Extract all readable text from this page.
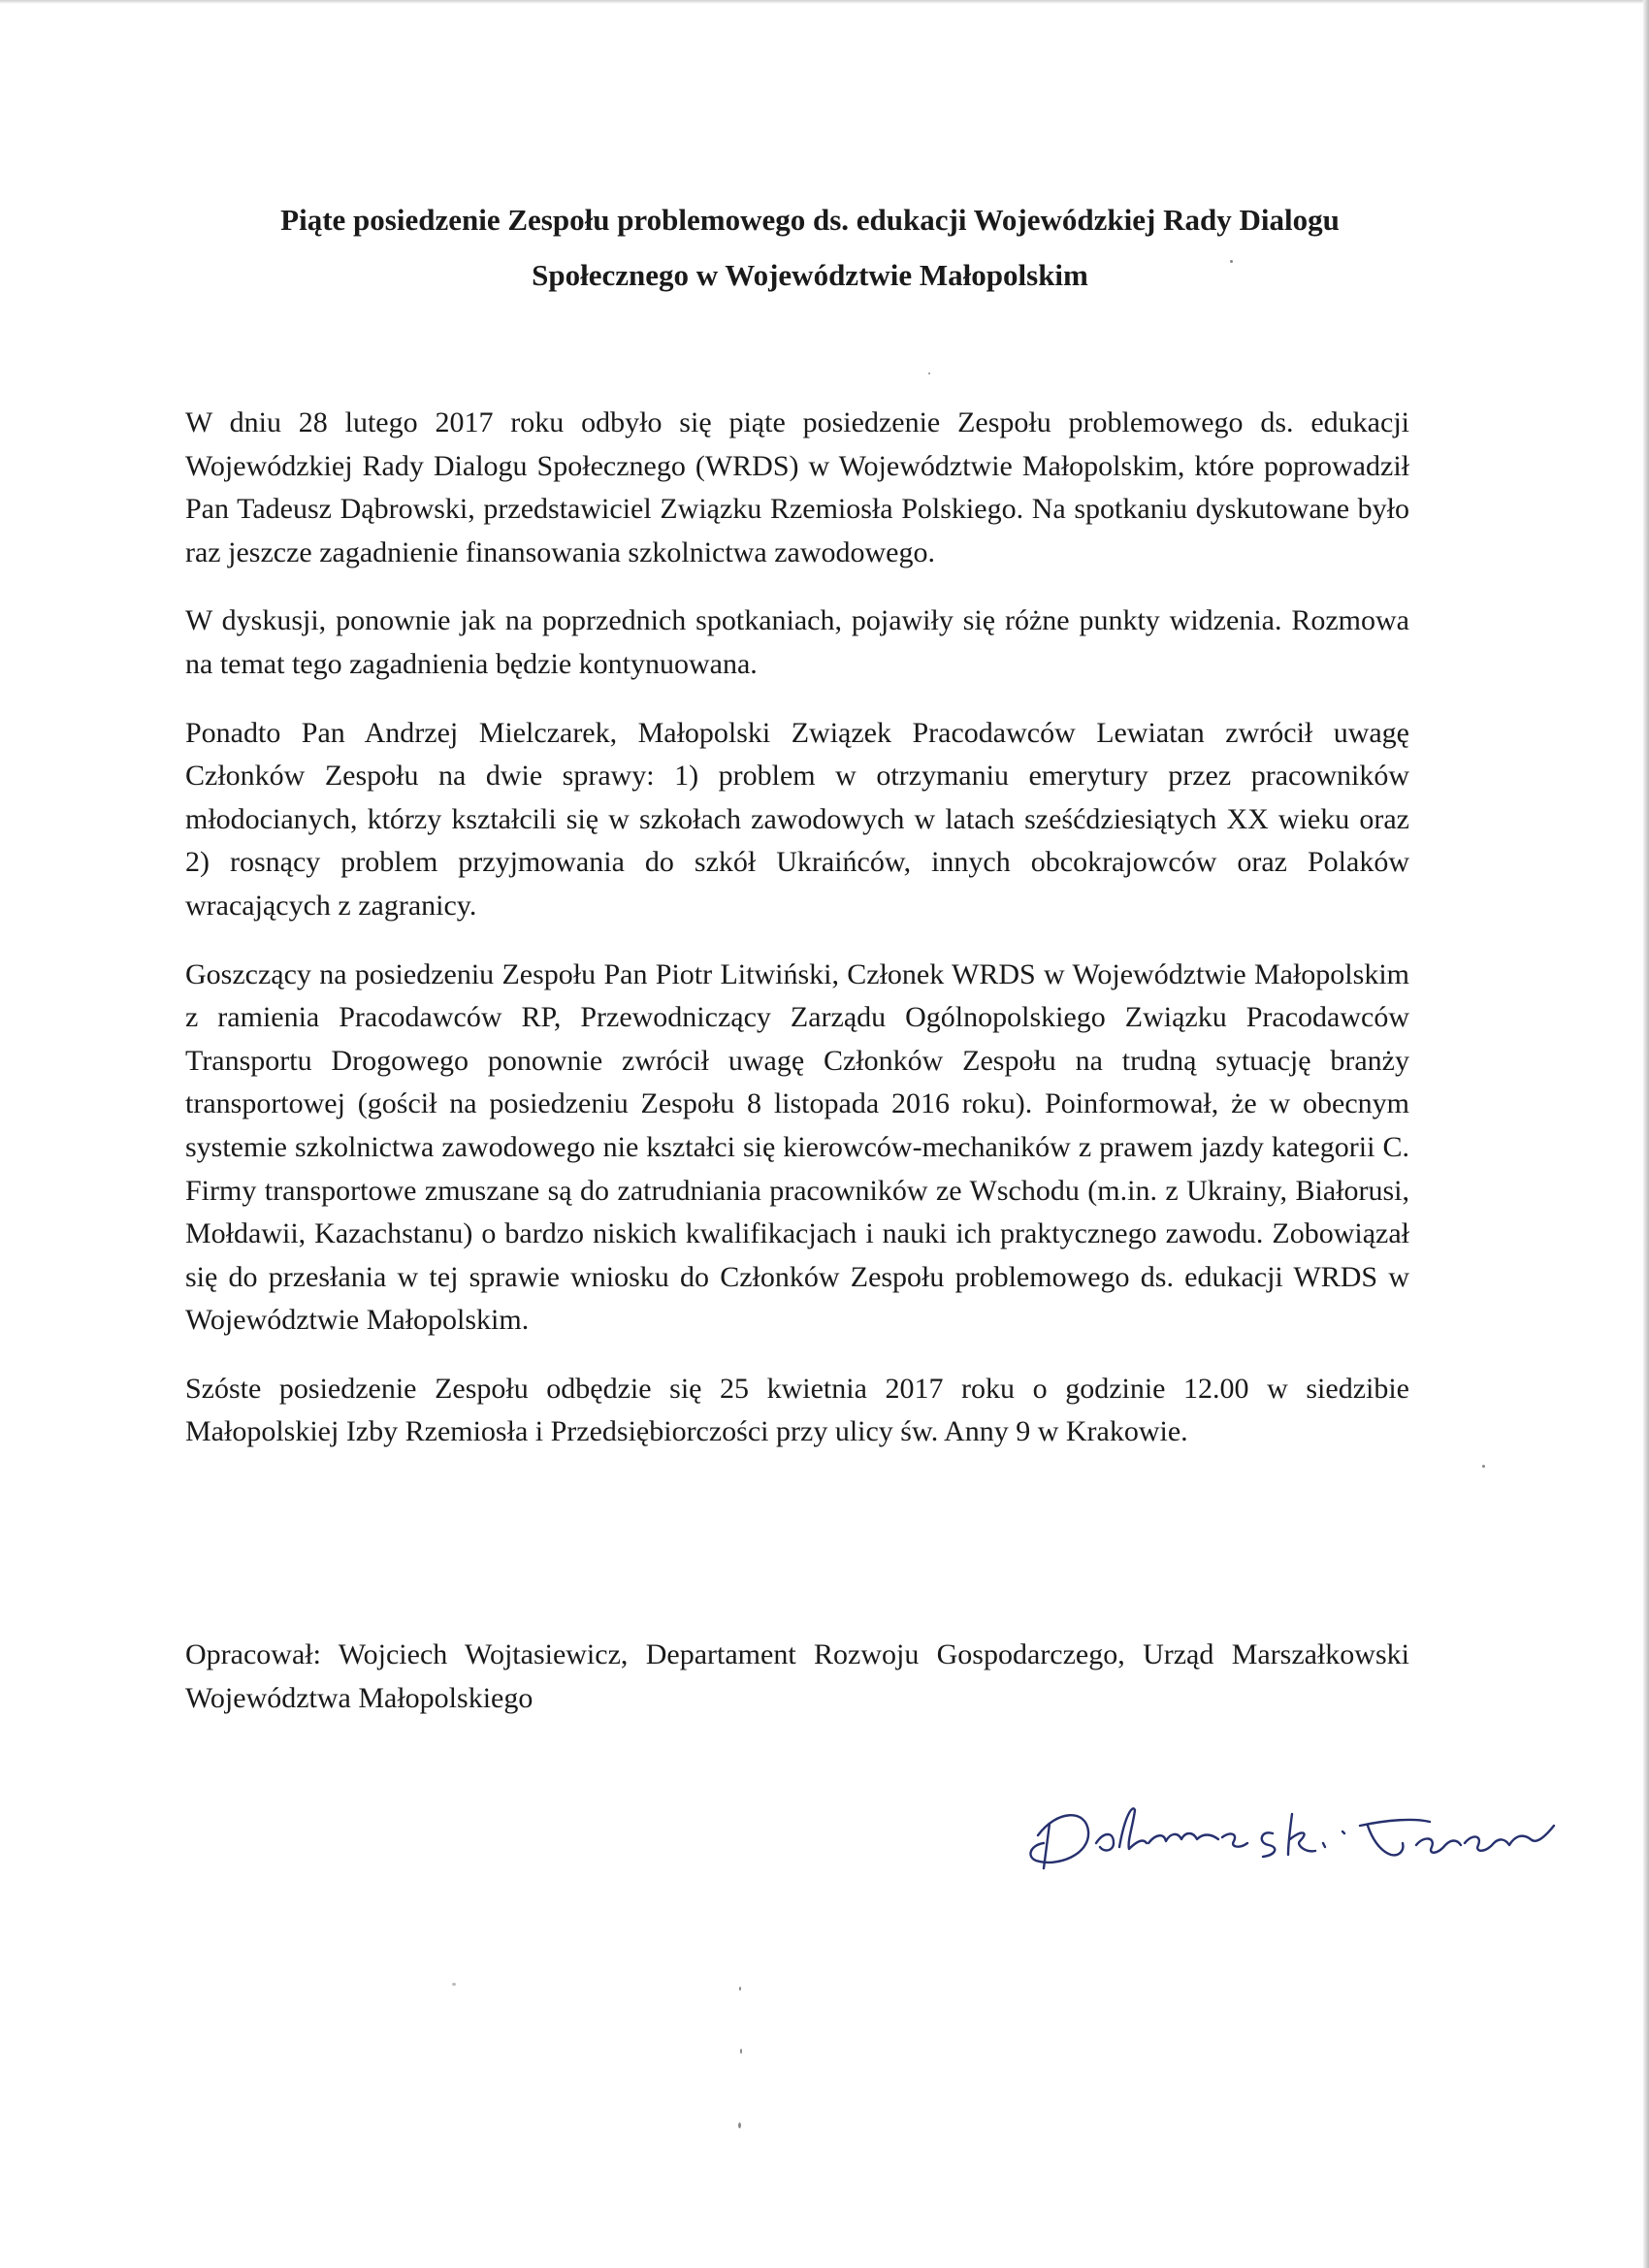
Piąte posiedzenie Zespołu problemowego ds. edukacji Wojewódzkiej Rady Dialogu
Społecznego w Województwie Małopolskim

W dniu 28 lutego 2017 roku odbyło się piąte posiedzenie Zespołu problemowego ds. edukacji Wojewódzkiej Rady Dialogu Społecznego (WRDS) w Województwie Małopolskim, które poprowadził Pan Tadeusz Dąbrowski, przedstawiciel Związku Rzemiosła Polskiego. Na spotkaniu dyskutowane było raz jeszcze zagadnienie finansowania szkolnictwa zawodowego.

W dyskusji, ponownie jak na poprzednich spotkaniach, pojawiły się różne punkty widzenia. Rozmowa na temat tego zagadnienia będzie kontynuowana.

Ponadto Pan Andrzej Mielczarek, Małopolski Związek Pracodawców Lewiatan zwrócił uwagę Członków Zespołu na dwie sprawy: 1) problem w otrzymaniu emerytury przez pracowników młodocianych, którzy kształcili się w szkołach zawodowych w latach sześćdziesiątych XX wieku oraz 2) rosnący problem przyjmowania do szkół Ukraińców, innych obcokrajowców oraz Polaków wracających z zagranicy.

Goszczący na posiedzeniu Zespołu Pan Piotr Litwiński, Członek WRDS w Województwie Małopolskim z ramienia Pracodawców RP, Przewodniczący Zarządu Ogólnopolskiego Związku Pracodawców Transportu Drogowego ponownie zwrócił uwagę Członków Zespołu na trudną sytuację branży transportowej (gościł na posiedzeniu Zespołu 8 listopada 2016 roku). Poinformował, że w obecnym systemie szkolnictwa zawodowego nie kształci się kierowców-mechaników z prawem jazdy kategorii C. Firmy transportowe zmuszane są do zatrudniania pracowników ze Wschodu (m.in. z Ukrainy, Białorusi, Mołdawii, Kazachstanu) o bardzo niskich kwalifikacjach i nauki ich praktycznego zawodu. Zobowiązał się do przesłania w tej sprawie wniosku do Członków Zespołu problemowego ds. edukacji WRDS w Województwie Małopolskim.

Szóste posiedzenie Zespołu odbędzie się 25 kwietnia 2017 roku o godzinie 12.00 w siedzibie Małopolskiej Izby Rzemiosła i Przedsiębiorczości przy ulicy św. Anny 9 w Krakowie.

Opracował: Wojciech Wojtasiewicz, Departament Rozwoju Gospodarczego, Urząd Marszałkowski Województwa Małopolskiego
Dąbrowski Tadeusz
